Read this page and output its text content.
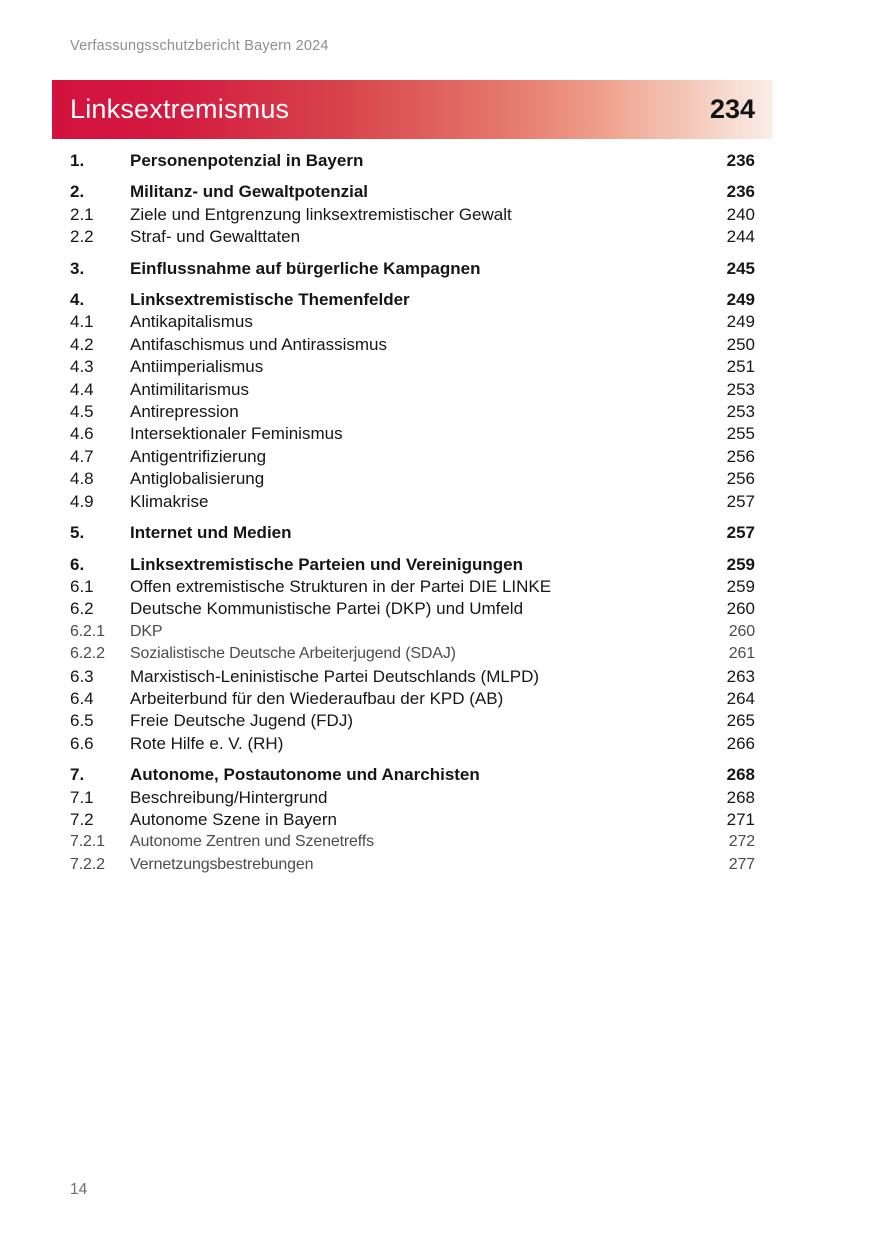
Verfassungsschutzbericht Bayern 2024
Linksextremismus	234
1.	Personenpotenzial in Bayern	236
2.	Militanz- und Gewaltpotenzial	236
2.1	Ziele und Entgrenzung linksextremistischer Gewalt	240
2.2	Straf- und Gewalttaten	244
3.	Einflussnahme auf bürgerliche Kampagnen	245
4.	Linksextremistische Themenfelder	249
4.1	Antikapitalismus	249
4.2	Antifaschismus und Antirassismus	250
4.3	Antiimperialismus	251
4.4	Antimilitarismus	253
4.5	Antirepression	253
4.6	Intersektionaler Feminismus	255
4.7	Antigentrifizierung	256
4.8	Antiglobalisierung	256
4.9	Klimakrise	257
5.	Internet und Medien	257
6.	Linksextremistische Parteien und Vereinigungen	259
6.1	Offen extremistische Strukturen in der Partei DIE LINKE	259
6.2	Deutsche Kommunistische Partei (DKP) und Umfeld	260
6.2.1	DKP	260
6.2.2	Sozialistische Deutsche Arbeiterjugend (SDAJ)	261
6.3	Marxistisch-Leninistische Partei Deutschlands (MLPD)	263
6.4	Arbeiterbund für den Wiederaufbau der KPD (AB)	264
6.5	Freie Deutsche Jugend (FDJ)	265
6.6	Rote Hilfe e. V. (RH)	266
7.	Autonome, Postautonome und Anarchisten	268
7.1	Beschreibung/Hintergrund	268
7.2	Autonome Szene in Bayern	271
7.2.1	Autonome Zentren und Szenetreffs	272
7.2.2	Vernetzungsbestrebungen	277
14
